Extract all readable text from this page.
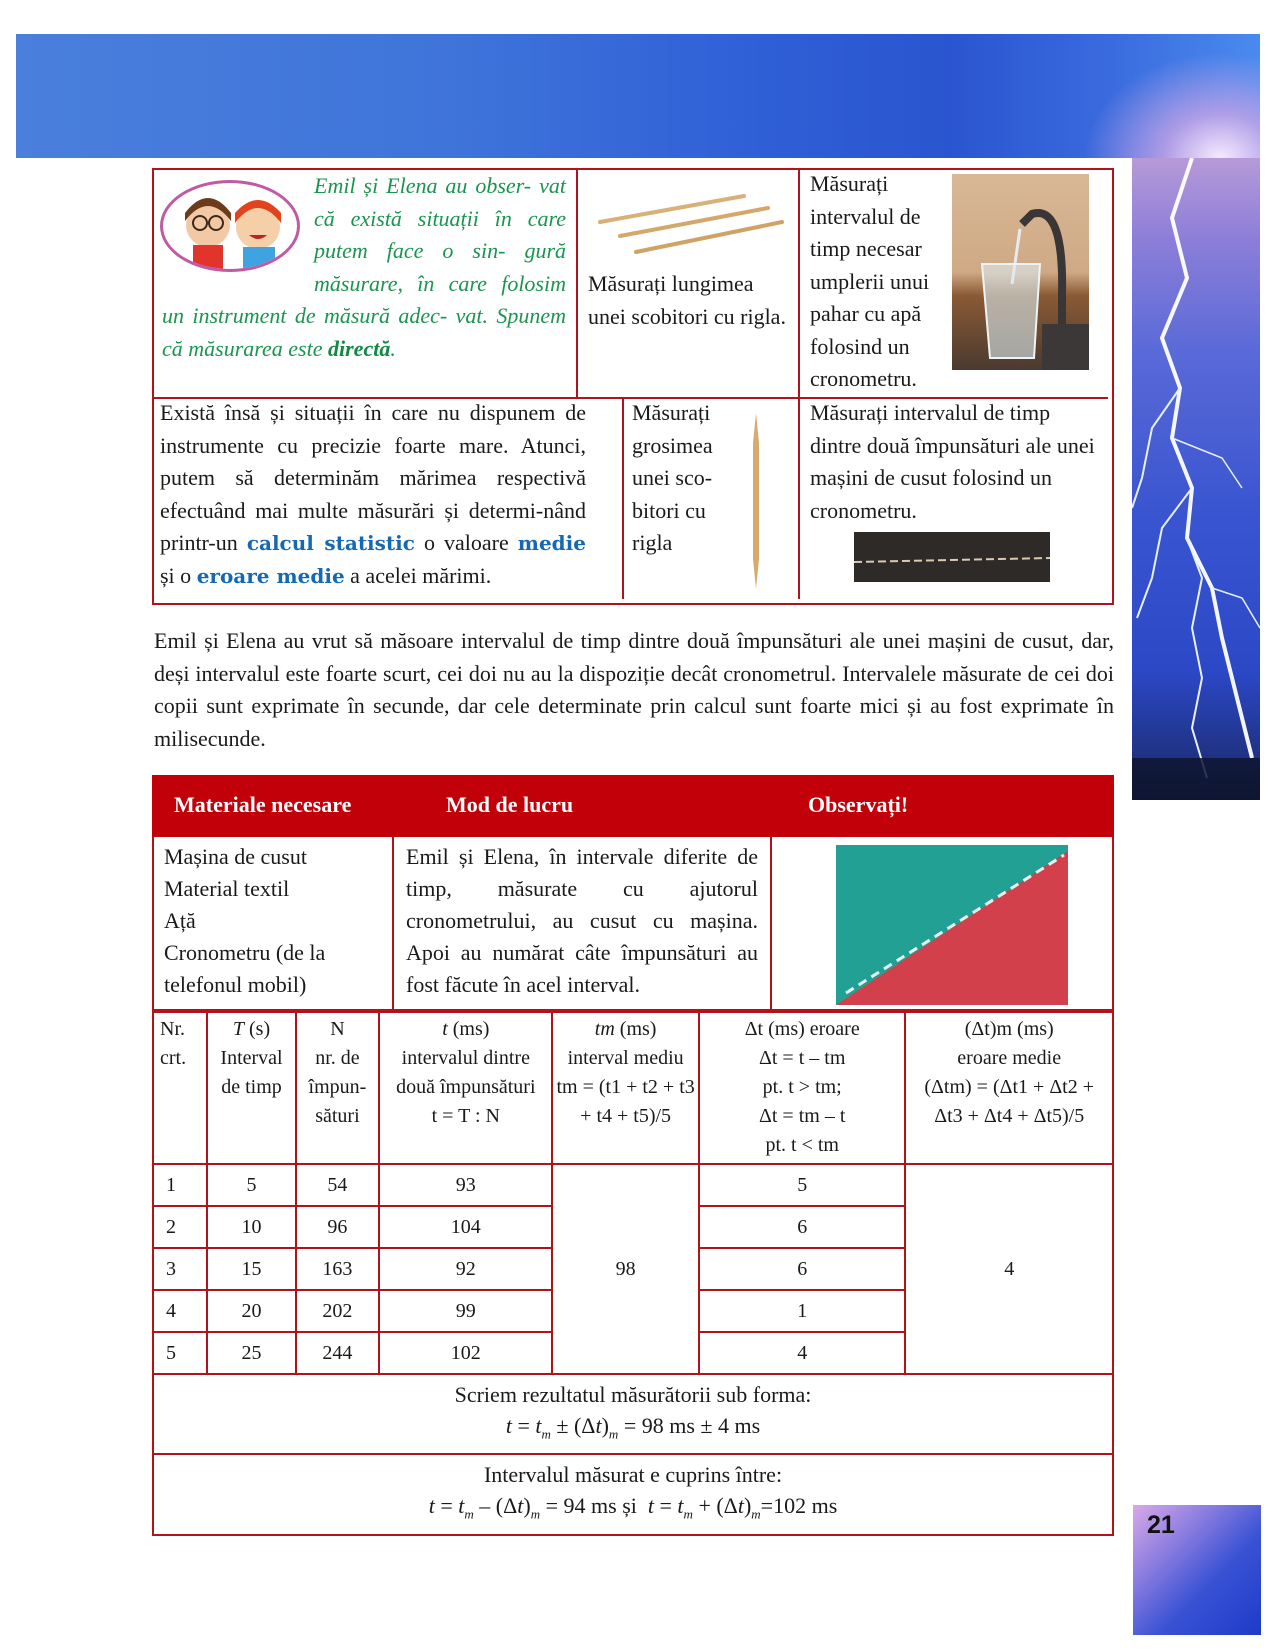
21
Emil și Elena au obser- vat că există situații în care putem face o sin- gură măsurare, în care folosim un instrument de măsură adec- vat. Spunem că măsurarea este directă.
Măsurați lungimea unei scobitori cu rigla.
Măsurați intervalul de timp necesar umplerii unui pahar cu apă folosind un cronometru.
Există însă și situații în care nu dispunem de instrumente cu precizie foarte mare. Atunci, putem să determinăm mărimea respectivă efectuând mai multe măsurări și determi-nând printr-un calcul statistic o valoare medie și o eroare medie a acelei mărimi.
Măsurați grosimea unei sco-bitori cu rigla
Măsurați intervalul de timp dintre două împunsături ale unei mașini de cusut folosind un cronometru.
Emil și Elena au vrut să măsoare intervalul de timp dintre două împunsături ale unei mașini de cusut, dar, deși intervalul este foarte scurt, cei doi nu au la dispoziție decât cronometrul. Intervalele măsurate de cei doi copii sunt exprimate în secunde, dar cele determinate prin calcul sunt foarte mici și au fost exprimate în milisecunde.
Materiale necesare	Mod de lucru	Observați!
Mașina de cusut
Material textil
Ață
Cronometru (de la telefonul mobil)
Emil și Elena, în intervale diferite de timp, măsurate cu ajutorul cronometrului, au cusut cu mașina. Apoi au numărat câte împunsături au fost făcute în acel interval.
Nr.
crt.

T (s)
Interval de timp

N
nr. de împun-sături

t (ms)
intervalul dintre două împunsături
t = T : N

tm (ms)
interval mediu
tm = (t1 + t2 + t3 + t4 + t5)/5

Δt (ms) eroare
Δt = t – tm
pt. t > tm;
Δt = tm – t
pt. t < tm

(Δt)m (ms)
eroare medie
(Δtm) = (Δt1 + Δt2 + Δt3 + Δt4 + Δt5)/5

1	5	54	93	98	5	4
2	10	96	104		6	
3	15	163	92		6	
4	20	202	99		1	
5	25	244	102		4	

Scriem rezultatul măsurătorii sub forma:
$t = t_m \pm (\Delta t)_m = 98$ ms ± 4 ms						

Intervalul măsurat e cuprins între:
$t = t_m - (\Delta t)_m = 94$ ms și  $t = t_m + (\Delta t)_m=102$ ms						
